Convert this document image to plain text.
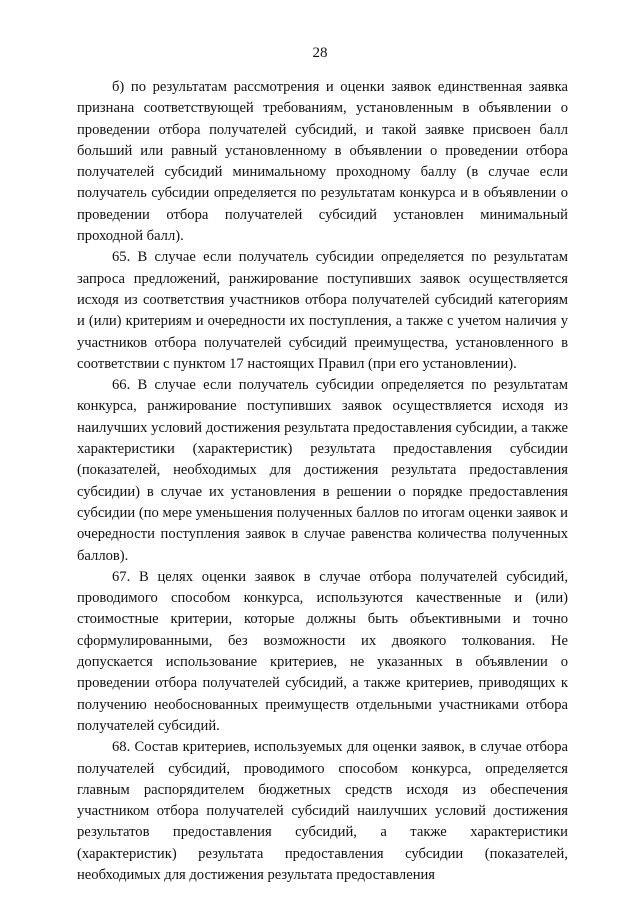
28

б) по результатам рассмотрения и оценки заявок единственная заявка признана соответствующей требованиям, установленным в объявлении о проведении отбора получателей субсидий, и такой заявке присвоен балл больший или равный установленному в объявлении о проведении отбора получателей субсидий минимальному проходному баллу (в случае если получатель субсидии определяется по результатам конкурса и в объявлении о проведении отбора получателей субсидий установлен минимальный проходной балл).

65. В случае если получатель субсидии определяется по результатам запроса предложений, ранжирование поступивших заявок осуществляется исходя из соответствия участников отбора получателей субсидий категориям и (или) критериям и очередности их поступления, а также с учетом наличия у участников отбора получателей субсидий преимущества, установленного в соответствии с пунктом 17 настоящих Правил (при его установлении).

66. В случае если получатель субсидии определяется по результатам конкурса, ранжирование поступивших заявок осуществляется исходя из наилучших условий достижения результата предоставления субсидии, а также характеристики (характеристик) результата предоставления субсидии (показателей, необходимых для достижения результата предоставления субсидии) в случае их установления в решении о порядке предоставления субсидии (по мере уменьшения полученных баллов по итогам оценки заявок и очередности поступления заявок в случае равенства количества полученных баллов).

67. В целях оценки заявок в случае отбора получателей субсидий, проводимого способом конкурса, используются качественные и (или) стоимостные критерии, которые должны быть объективными и точно сформулированными, без возможности их двоякого толкования. Не допускается использование критериев, не указанных в объявлении о проведении отбора получателей субсидий, а также критериев, приводящих к получению необоснованных преимуществ отдельными участниками отбора получателей субсидий.

68. Состав критериев, используемых для оценки заявок, в случае отбора получателей субсидий, проводимого способом конкурса, определяется главным распорядителем бюджетных средств исходя из обеспечения участником отбора получателей субсидий наилучших условий достижения результатов предоставления субсидий, а также характеристики (характеристик) результата предоставления субсидии (показателей, необходимых для достижения результата предоставления
